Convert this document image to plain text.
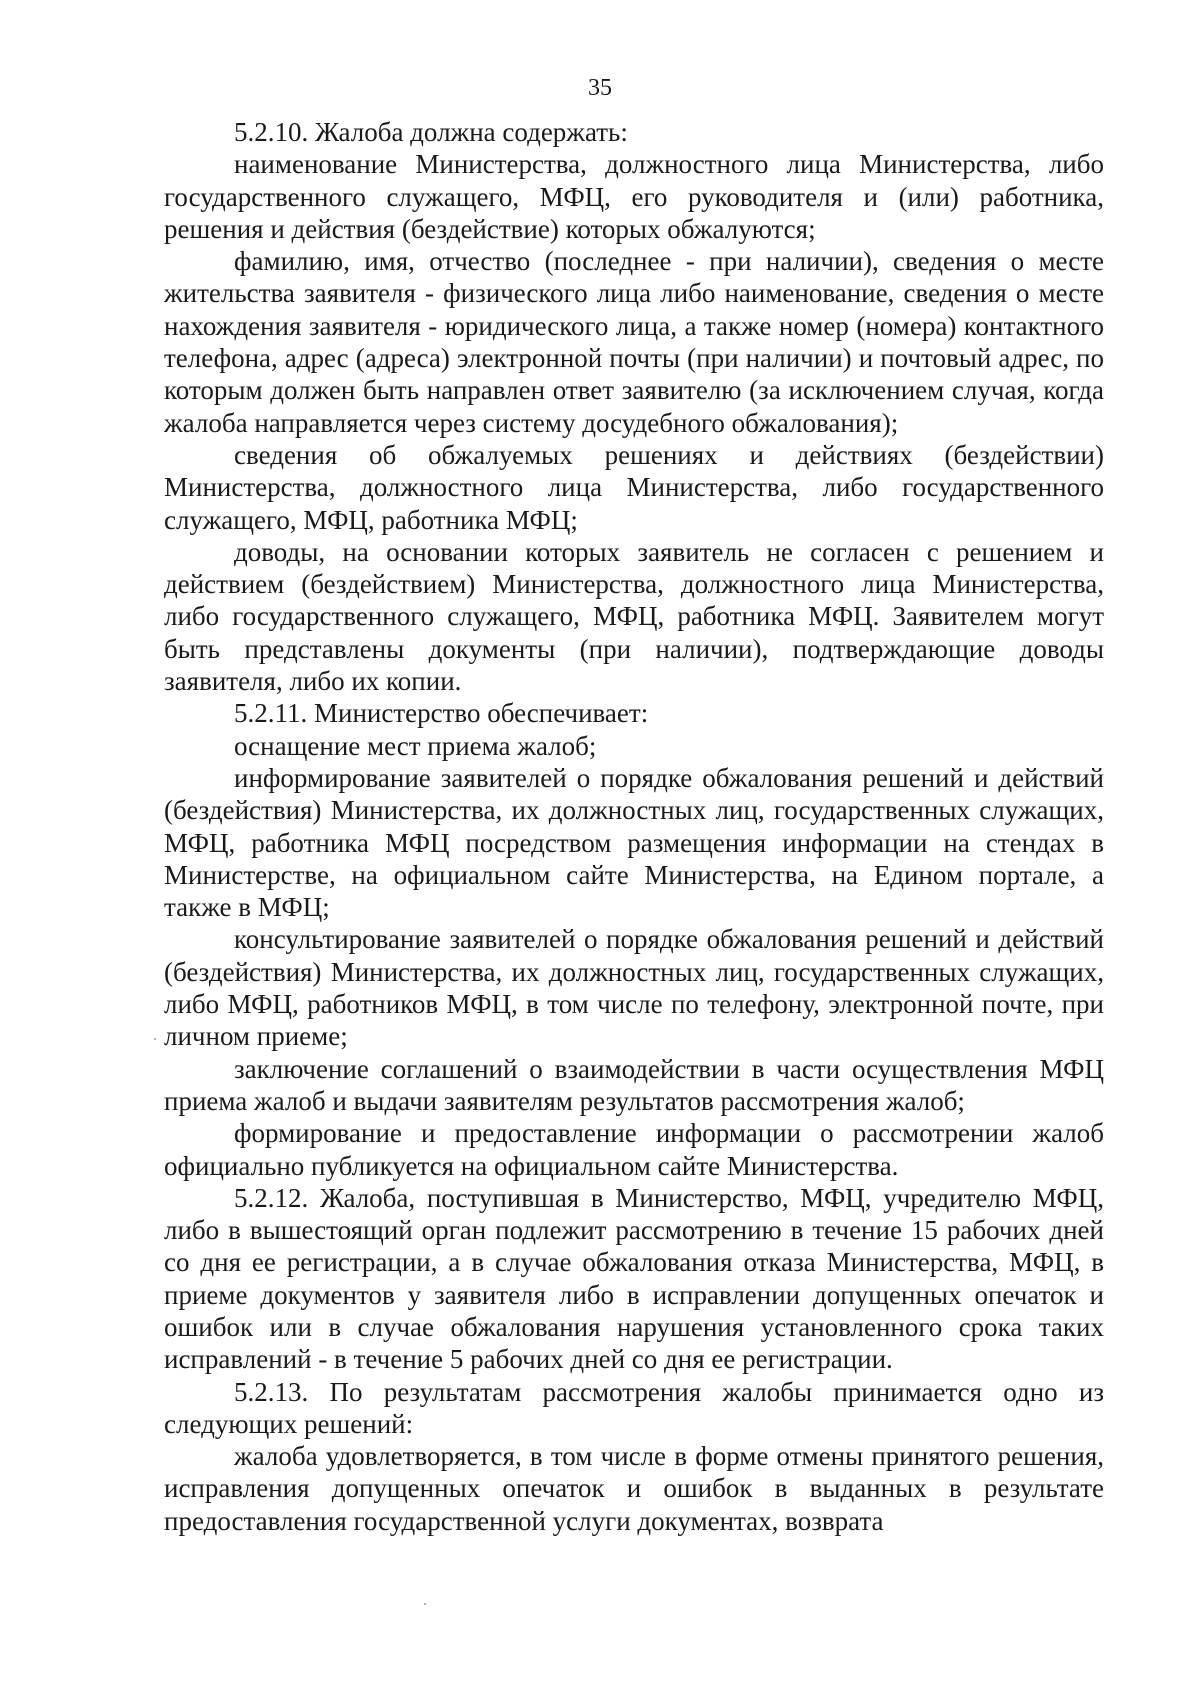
35

5.2.10. Жалоба должна содержать:

наименование Министерства, должностного лица Министерства, либо государственного служащего, МФЦ, его руководителя и (или) работника, решения и действия (бездействие) которых обжалуются;

фамилию, имя, отчество (последнее - при наличии), сведения о месте жительства заявителя - физического лица либо наименование, сведения о месте нахождения заявителя - юридического лица, а также номер (номера) контактного телефона, адрес (адреса) электронной почты (при наличии) и почтовый адрес, по которым должен быть направлен ответ заявителю (за исключением случая, когда жалоба направляется через систему досудебного обжалования);

сведения об обжалуемых решениях и действиях (бездействии) Министерства, должностного лица Министерства, либо государственного служащего, МФЦ, работника МФЦ;

доводы, на основании которых заявитель не согласен с решением и действием (бездействием) Министерства, должностного лица Министерства, либо государственного служащего, МФЦ, работника МФЦ. Заявителем могут быть представлены документы (при наличии), подтверждающие доводы заявителя, либо их копии.

5.2.11. Министерство обеспечивает:

оснащение мест приема жалоб;

информирование заявителей о порядке обжалования решений и действий (бездействия) Министерства, их должностных лиц, государственных служащих, МФЦ, работника МФЦ посредством размещения информации на стендах в Министерстве, на официальном сайте Министерства, на Едином портале, а также в МФЦ;

консультирование заявителей о порядке обжалования решений и действий (бездействия) Министерства, их должностных лиц, государственных служащих, либо МФЦ, работников МФЦ, в том числе по телефону, электронной почте, при личном приеме;

заключение соглашений о взаимодействии в части осуществления МФЦ приема жалоб и выдачи заявителям результатов рассмотрения жалоб;

формирование и предоставление информации о рассмотрении жалоб официально публикуется на официальном сайте Министерства.

5.2.12. Жалоба, поступившая в Министерство, МФЦ, учредителю МФЦ, либо в вышестоящий орган подлежит рассмотрению в течение 15 рабочих дней со дня ее регистрации, а в случае обжалования отказа Министерства, МФЦ, в приеме документов у заявителя либо в исправлении допущенных опечаток и ошибок или в случае обжалования нарушения установленного срока таких исправлений - в течение 5 рабочих дней со дня ее регистрации.

5.2.13. По результатам рассмотрения жалобы принимается одно из следующих решений:

жалоба удовлетворяется, в том числе в форме отмены принятого решения, исправления допущенных опечаток и ошибок в выданных в результате предоставления государственной услуги документах, возврата
